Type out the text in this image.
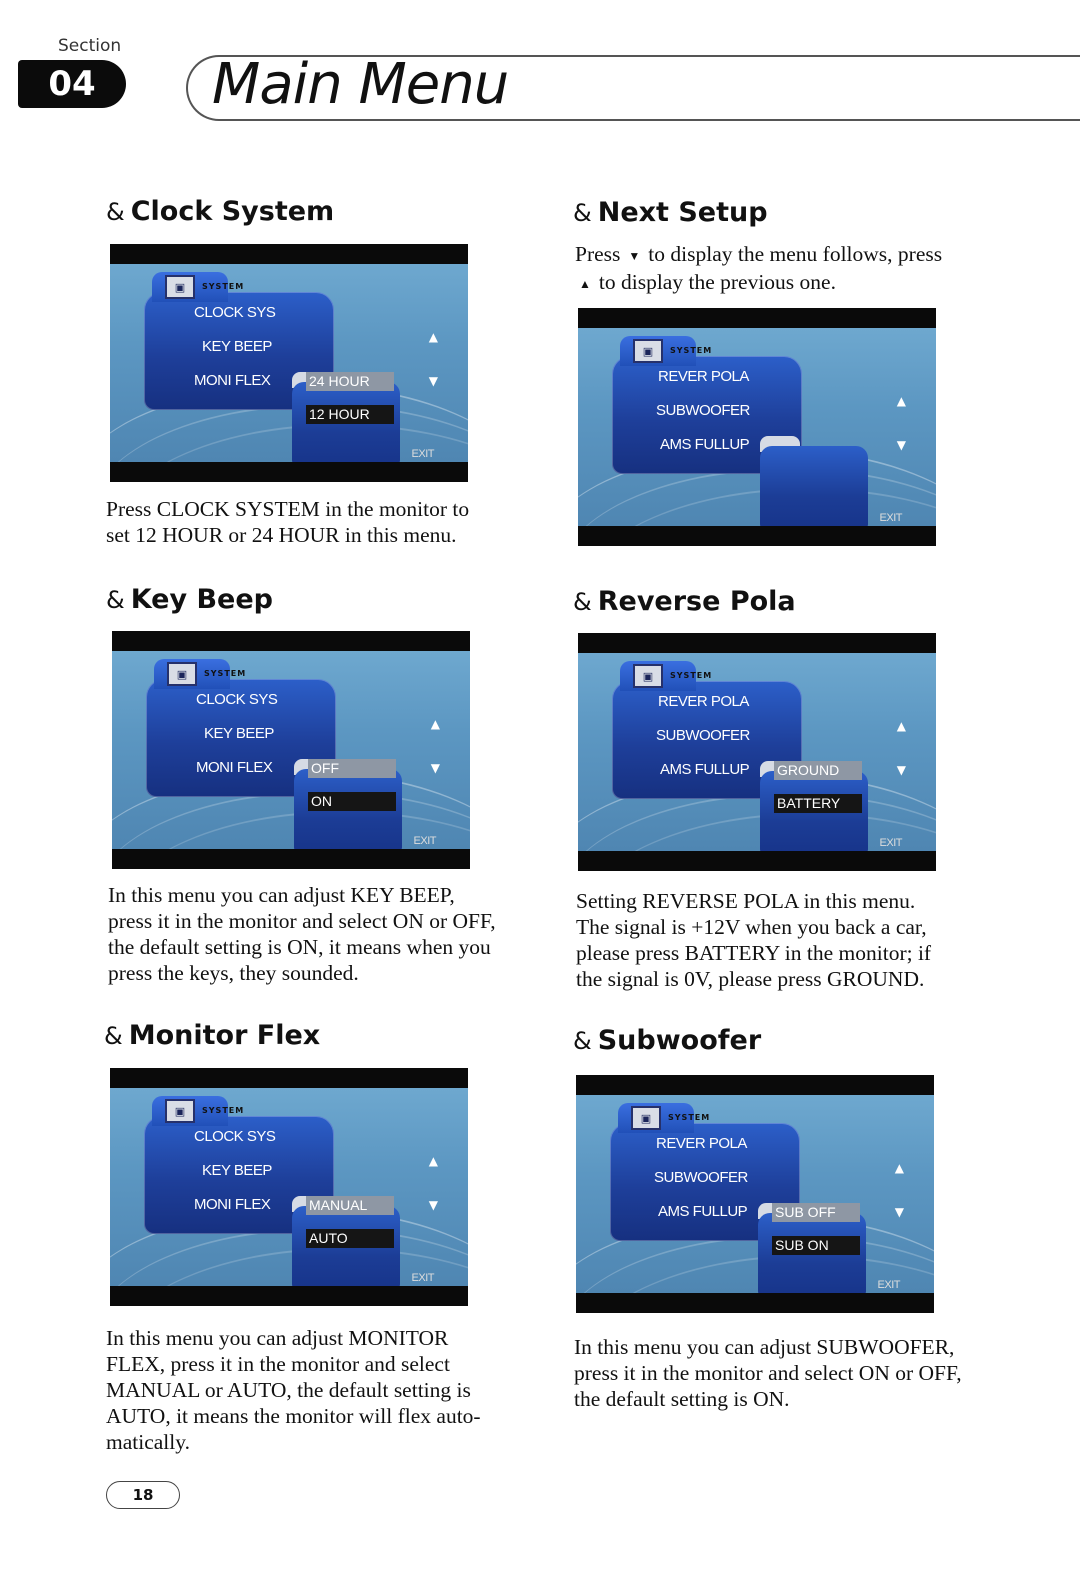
Section
04	Main Menu
& Clock System
▣	SYSTEM
CLOCK SYS
KEY BEEP
MONI FLEX
▲
▼
24 HOUR
12 HOUR
EXIT
Press CLOCK SYSTEM in the monitor to
set 12 HOUR or 24 HOUR in this menu.
& Next Setup
Press ▼ to display the menu follows, press
▲ to display the previous one.
▣	SYSTEM
REVER POLA
SUBWOOFER
AMS FULLUP
▲
▼
EXIT
& Key Beep
▣	SYSTEM
CLOCK SYS
KEY BEEP
MONI FLEX
▲
▼
OFF
ON
EXIT
In this menu you can adjust KEY BEEP,
press it in the monitor and select ON or OFF,
the default setting is ON, it means when you
press the keys, they sounded.
& Reverse Pola
▣	SYSTEM
REVER POLA
SUBWOOFER
AMS FULLUP
▲
▼
GROUND
BATTERY
EXIT
Setting REVERSE POLA in this menu.
The signal is +12V when you back a car,
please press BATTERY in the monitor; if
the signal is 0V, please press GROUND.
& Monitor Flex
▣	SYSTEM
CLOCK SYS
KEY BEEP
MONI FLEX
▲
▼
MANUAL
AUTO
EXIT
In this menu you can adjust MONITOR
FLEX, press it in the monitor and select
MANUAL or AUTO, the default setting is
AUTO, it means the monitor will flex auto-
matically.
& Subwoofer
▣	SYSTEM
REVER POLA
SUBWOOFER
AMS FULLUP
▲
▼
SUB OFF
SUB ON
EXIT
In this menu you can adjust SUBWOOFER,
press it in the monitor and select ON or OFF,
the default setting is ON.
18
